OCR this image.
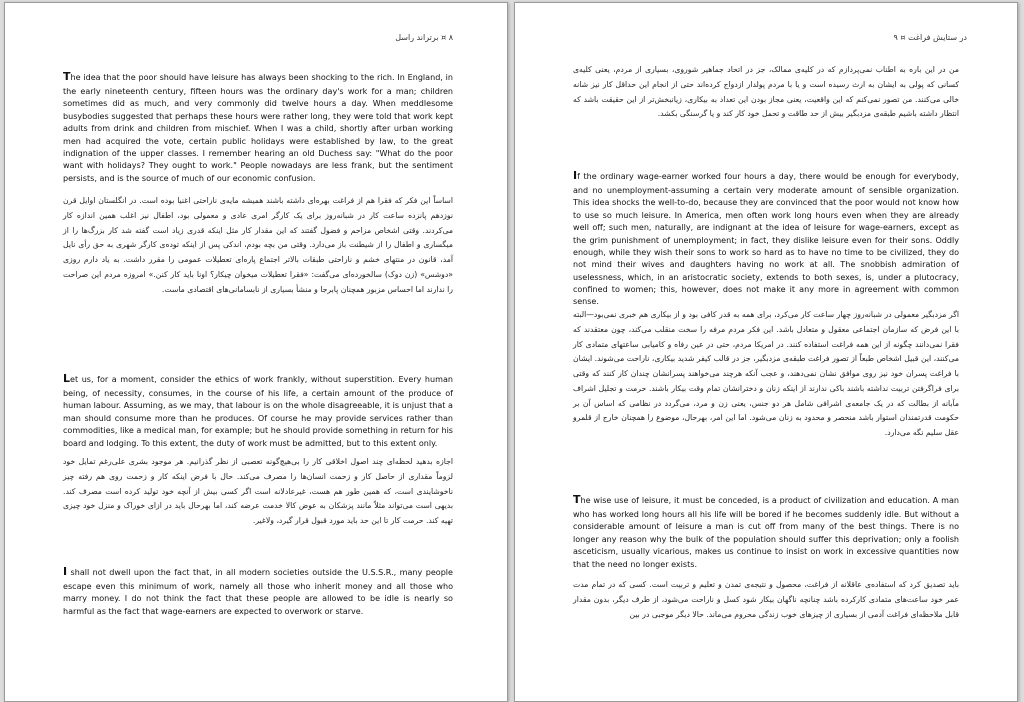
۸ ¤ برتراند راسل

The idea that the poor should have leisure has always been shocking to the rich. In England, in the early nineteenth century, fifteen hours was the ordinary day's work for a man; children sometimes did as much, and very commonly did twelve hours a day. When meddlesome busybodies suggested that perhaps these hours were rather long, they were told that work kept adults from drink and children from mischief. When I was a child, shortly after urban working men had acquired the vote, certain public holidays were established by law, to the great indignation of the upper classes. I remember hearing an old Duchess say: "What do the poor want with holidays? They ought to work." People nowadays are less frank, but the sentiment persists, and is the source of much of our economic confusion.

اساساً این فکر که فقرا هم از فراغت بهره‌ای داشته باشند همیشه مایه‌ی ناراحتی اغنیا بوده است. در انگلستان اوایل قرن نوزدهم پانزده ساعت کار در شبانه‌روز برای یک کارگر امری عادی و معمولی بود، اطفال نیز اغلب همین اندازه کار می‌کردند. وقتی اشخاص مزاحم و فضول گفتند که این مقدار کار مثل اینکه قدری زیاد است گفته شد کار بزرگ‌ها را از میگساری و اطفال را از شیطنت باز می‌دارد. وقتی من بچه بودم، اندکی پس از اینکه توده‌ی کارگر شهری به حق رأی نایل آمد، قانون در منتهای خشم و ناراحتی طبقات بالاتر اجتماع پاره‌ای تعطیلات عمومی را مقرر داشت. به یاد دارم روزی «دوشس» (زن دوک) سالخورده‌ای می‌گفت: «فقرا تعطیلات میخوان چیکار؟ اونا باید کار کنن.» امروزه مردم این صراحت را ندارند اما احساس مزبور همچنان پابرجا و منشأ بسیاری از نابسامانی‌های اقتصادی ماست.

Let us, for a moment, consider the ethics of work frankly, without superstition. Every human being, of necessity, consumes, in the course of his life, a certain amount of the produce of human labour. Assuming, as we may, that labour is on the whole disagreeable, it is unjust that a man should consume more than he produces. Of course he may provide services rather than commodities, like a medical man, for example; but he should provide something in return for his board and lodging. To this extent, the duty of work must be admitted, but to this extent only.

اجازه بدهید لحظه‌ای چند اصول اخلاقی کار را بی‌هیچ‌گونه تعصبی از نظر گذرانیم. هر موجود بشری علی‌رغم تمایل خود لزوماً مقداری از حاصل کار و زحمت انسان‌ها را مصرف می‌کند. حال با فرض اینکه کار و زحمت روی هم رفته چیز ناخوشایندی است، که همین طور هم هست، غیرعادلانه است اگر کسی بیش از آنچه خود تولید کرده است مصرف کند. بدیهی است می‌تواند مثلاً مانند پزشکان به عوض کالا خدمت عرضه کند، اما بهرحال باید در ازای خوراک و منزل خود چیزی تهیه کند. حرمت کار تا این حد باید مورد قبول قرار گیرد، ولاغیر.

I shall not dwell upon the fact that, in all modern societies outside the U.S.S.R., many people escape even this minimum of work, namely all those who inherit money and all those who marry money. I do not think the fact that these people are allowed to be idle is nearly so harmful as the fact that wage-earners are expected to overwork or starve.

در ستایش فراغت ¤ ۹

من در این باره به اطناب نمی‌پردازم که در کلیه‌ی ممالک، جز در اتحاد جماهیر شوروی، بسیاری از مردم، یعنی کلیه‌ی کسانی که پولی به ایشان به ارث رسیده است و یا با مردم پولدار ازدواج کرده‌اند حتی از انجام این حداقل کار نیز شانه خالی می‌کنند. من تصور نمی‌کنم که این واقعیت، یعنی مجاز بودن این تعداد به بیکاری، زیانبخش‌تر از این حقیقت باشد که انتظار داشته باشیم طبقه‌ی مزدبگیر بیش از حد طاقت و تحمل خود کار کند و یا گرسنگی بکشد.

If the ordinary wage-earner worked four hours a day, there would be enough for everybody, and no unemployment-assuming a certain very moderate amount of sensible organization. This idea shocks the well-to-do, because they are convinced that the poor would not know how to use so much leisure. In America, men often work long hours even when they are already well off; such men, naturally, are indignant at the idea of leisure for wage-earners, except as the grim punishment of unemployment; in fact, they dislike leisure even for their sons. Oddly enough, while they wish their sons to work so hard as to have no time to be civilized, they do not mind their wives and daughters having no work at all. The snobbish admiration of uselessness, which, in an aristocratic society, extends to both sexes, is, under a plutocracy, confined to women; this, however, does not make it any more in agreement with common sense.

اگر مزدبگیر معمولی در شبانه‌روز چهار ساعت کار می‌کرد، برای همه به قدر کافی بود و از بیکاری هم خبری نمی‌بود—البته با این فرض که سازمان اجتماعی معقول و متعادل باشد. این فکر مردم مرفه را سخت منقلب می‌کند، چون معتقدند که فقرا نمی‌دانند چگونه از این همه فراغت استفاده کنند. در امریکا مردم، حتی در عین رفاه و کامیابی ساعتهای متمادی کار می‌کنند، این قبیل اشخاص طبعاً از تصور فراغت طبقه‌ی مزدبگیر، جز در قالب کیفر شدید بیکاری، ناراحت می‌شوند. ایشان با فراغت پسران خود نیز روی موافق نشان نمی‌دهند، و عجب آنکه هرچند می‌خواهند پسرانشان چندان کار کنند که وقتی برای فراگرفتن تربیت نداشته باشند باکی ندارند از اینکه زنان و دخترانشان تمام وقت بیکار باشند. حرمت و تجلیل اشراف مآبانه از بطالت که در یک جامعه‌ی اشرافی شامل هر دو جنس، یعنی زن و مرد، می‌گردد در نظامی که اساس آن بر حکومت قدرتمندان استوار باشد منحصر و محدود به زنان می‌شود. اما این امر، بهرحال، موضوع را همچنان خارج از قلمرو عقل سلیم نگه می‌دارد.

The wise use of leisure, it must be conceded, is a product of civilization and education. A man who has worked long hours all his life will be bored if he becomes suddenly idle. But without a considerable amount of leisure a man is cut off from many of the best things. There is no longer any reason why the bulk of the population should suffer this deprivation; only a foolish asceticism, usually vicarious, makes us continue to insist on work in excessive quantities now that the need no longer exists.

باید تصدیق کرد که استفاده‌ی عاقلانه از فراغت، محصول و نتیجه‌ی تمدن و تعلیم و تربیت است. کسی که در تمام مدت عمر خود ساعت‌های متمادی کارکرده باشد چنانچه ناگهان بیکار شود کسل و ناراحت می‌شود، از طرف دیگر، بدون مقدار قابل ملاحظه‌ای فراغت آدمی از بسیاری از چیزهای خوب زندگی محروم می‌ماند. حالا دیگر موجبی در بین
